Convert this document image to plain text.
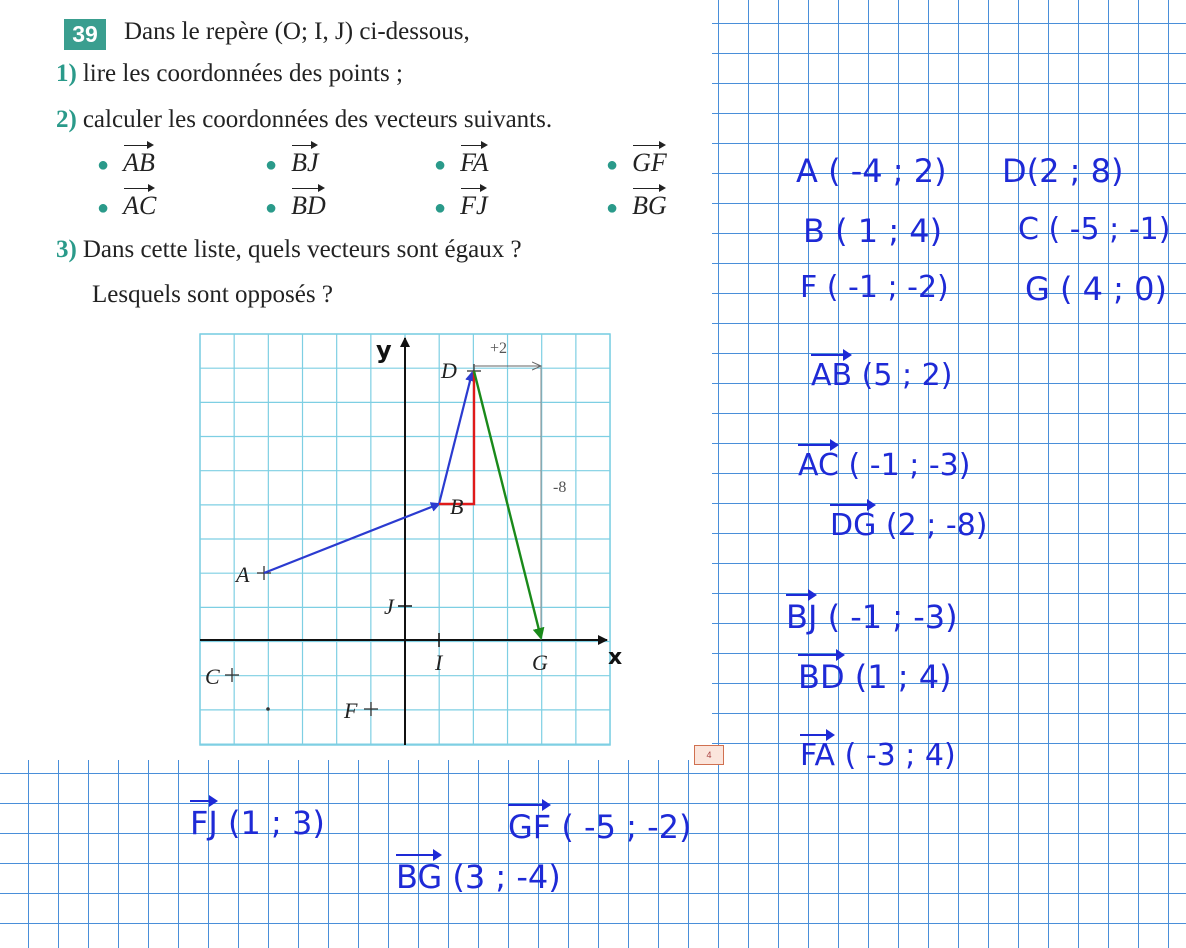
39	Dans le repère (O; I, J) ci-dessous,
1) lire les coordonnées des points ;
2) calculer les coordonnées des vecteurs suivants.
● AB	● BJ	● FA	● GF
● AC	● BD	● FJ	● BG
3) Dans cette liste, quels vecteurs sont égaux ?
Lesquels sont opposés ?
+2
-8
A
B
C
D
F
G
I
J
x
y
4
A ( -4 ; 2) D(2 ; 8)
B ( 1 ; 4)	C ( -5 ; -1)
F ( -1 ; -2) G ( 4 ; 0)
AB (5 ; 2)
AC ( -1 ; -3)
DG (2 ; -8)
BJ ( -1 ; -3)
BD (1 ; 4)
FA ( -3 ; 4)
FJ (1 ; 3)	GF ( -5 ; -2)
BG (3 ; -4)
